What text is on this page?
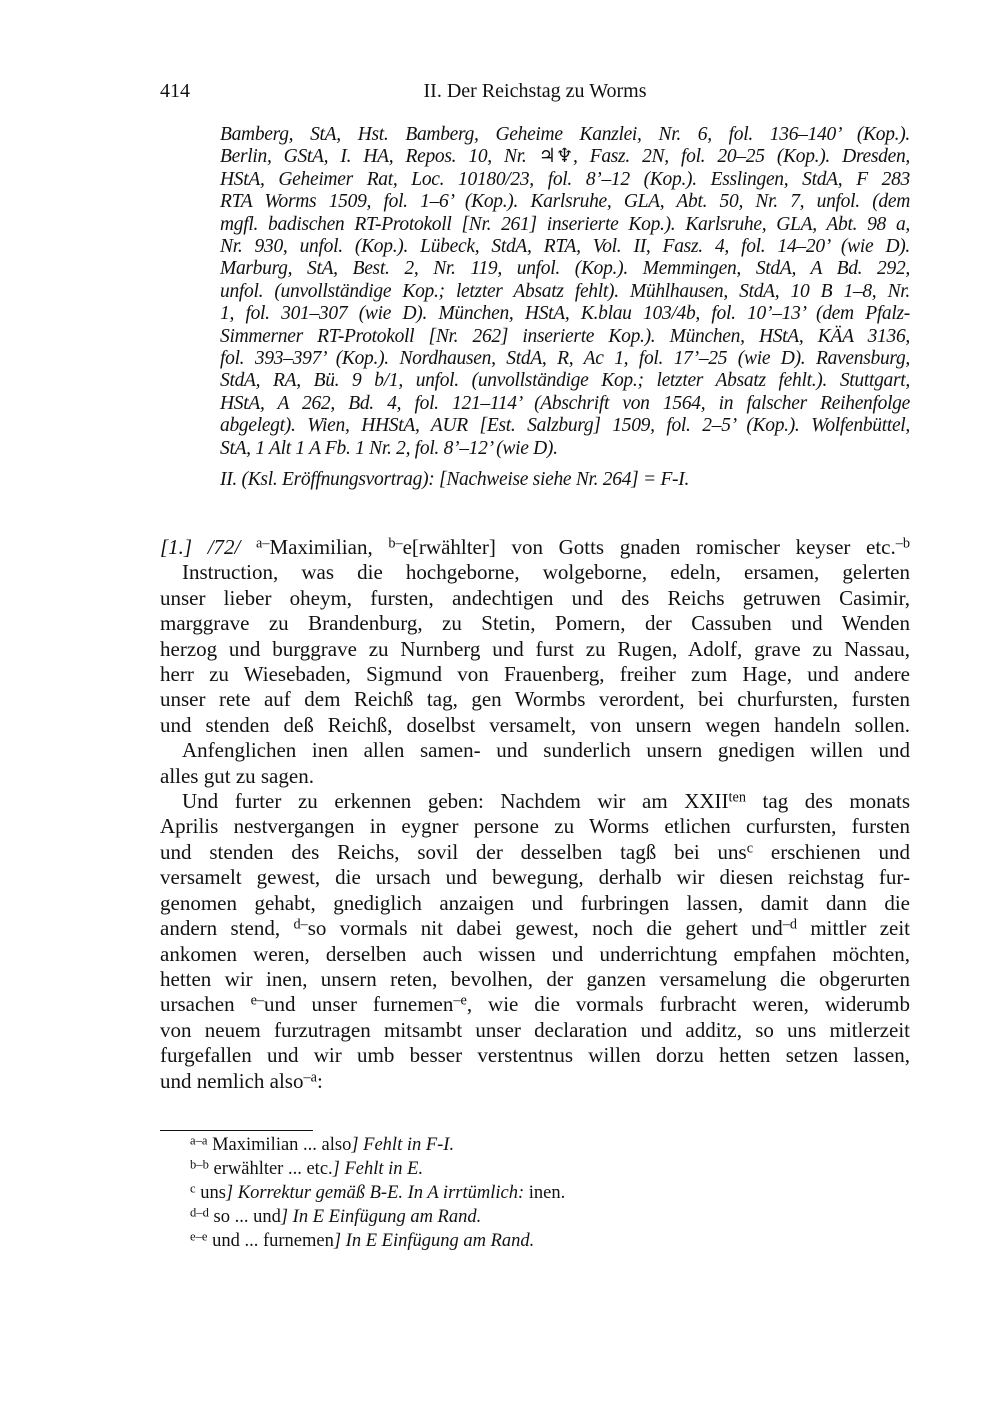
414	II. Der Reichstag zu Worms
Bamberg, StA, Hst. Bamberg, Geheime Kanzlei, Nr. 6, fol. 136–140’ (Kop.).
Berlin, GStA, I. HA, Repos. 10, Nr. ♃♆, Fasz. 2N, fol. 20–25 (Kop.). Dresden,
HStA, Geheimer Rat, Loc. 10180/23, fol. 8’–12 (Kop.). Esslingen, StdA, F 283
RTA Worms 1509, fol. 1–6’ (Kop.). Karlsruhe, GLA, Abt. 50, Nr. 7, unfol. (dem
mgfl. badischen RT-Protokoll [Nr. 261] inserierte Kop.). Karlsruhe, GLA, Abt. 98 a,
Nr. 930, unfol. (Kop.). Lübeck, StdA, RTA, Vol. II, Fasz. 4, fol. 14–20’ (wie D).
Marburg, StA, Best. 2, Nr. 119, unfol. (Kop.). Memmingen, StdA, A Bd. 292,
unfol. (unvollständige Kop.; letzter Absatz fehlt). Mühlhausen, StdA, 10 B 1–8, Nr.
1, fol. 301–307 (wie D). München, HStA, K.blau 103/4b, fol. 10’–13’ (dem Pfalz-
Simmerner RT-Protokoll [Nr. 262] inserierte Kop.). München, HStA, KÄA 3136,
fol. 393–397’ (Kop.). Nordhausen, StdA, R, Ac 1, fol. 17’–25 (wie D). Ravensburg,
StdA, RA, Bü. 9 b/1, unfol. (unvollständige Kop.; letzter Absatz fehlt.). Stuttgart,
HStA, A 262, Bd. 4, fol. 121–114’ (Abschrift von 1564, in falscher Reihenfolge
abgelegt). Wien, HHStA, AUR [Est. Salzburg] 1509, fol. 2–5’ (Kop.). Wolfenbüttel,
StA, 1 Alt 1 A Fb. 1 Nr. 2, fol. 8’–12’ (wie D).
II. (Ksl. Eröffnungsvortrag): [Nachweise siehe Nr. 264] = F-I.
[1.] /72/ $^{a-}$Maximilian, $^{b-}$e[rwählter] von Gotts gnaden romischer keyser etc.$^{-b}$
Instruction, was die hochgeborne, wolgeborne, edeln, ersamen, gelerten
unser lieber oheym, fursten, andechtigen und des Reichs getruwen Casimir,
marggrave zu Brandenburg, zu Stetin, Pomern, der Cassuben und Wenden
herzog und burggrave zu Nurnberg und furst zu Rugen, Adolf, grave zu Nassau,
herr zu Wiesebaden, Sigmund von Frauenberg, freiher zum Hage, und andere
unser rete auf dem Reichß tag, gen Wormbs verordent, bei churfursten, fursten
und stenden deß Reichß, doselbst versamelt, von unsern wegen handeln sollen.
Anfenglichen inen allen samen- und sunderlich unsern gnedigen willen und
alles gut zu sagen.
Und furter zu erkennen geben: Nachdem wir am $XXII^{ten}$ tag des monats
Aprilis nestvergangen in eygner persone zu Worms etlichen curfursten, fursten
und stenden des Reichs, sovil der desselben tagß bei uns$^c$ erschienen und
versamelt gewest, die ursach und bewegung, derhalb wir diesen reichstag fur-
genomen gehabt, gnediglich anzaigen und furbringen lassen, damit dann die
andern stend, $^{d-}$so vormals nit dabei gewest, noch die gehert und$^{-d}$ mittler zeit
ankomen weren, derselben auch wissen und underrichtung empfahen möchten,
hetten wir inen, unsern reten, bevolhen, der ganzen versamelung die obgerurten
ursachen $^{e-}$und unser furnemen$^{-e}$, wie die vormals furbracht weren, widerumb
von neuem furzutragen mitsambt unser declaration und additz, so uns mitlerzeit
furgefallen und wir umb besser verstentnus willen dorzu hetten setzen lassen,
und nemlich also$^{-a}$:
$^{a-a}$ Maximilian ... also] Fehlt in F-I.
$^{b-b}$ erwählter ... etc.] Fehlt in E.
$^c$ uns] Korrektur gemäß B-E. In A irrtümlich: inen.
$^{d-d}$ so ... und] In E Einfügung am Rand.
$^{e-e}$ und ... furnemen] In E Einfügung am Rand.
